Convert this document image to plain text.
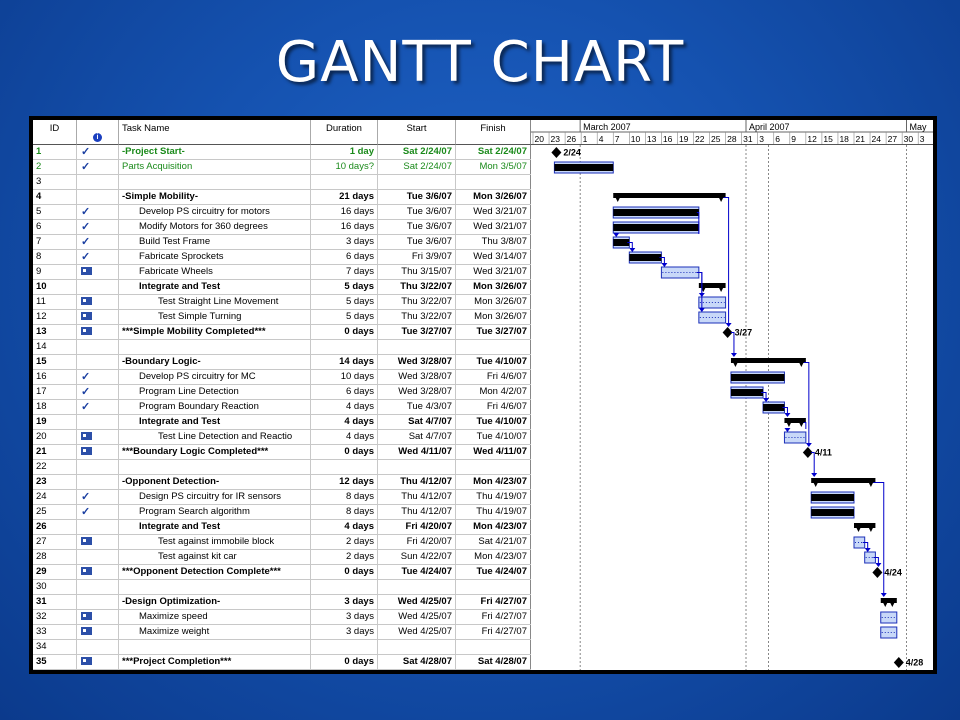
GANTT CHART
ID
i
Task Name	Duration	Start	Finish
1	✓	-Project Start-	1 day	Sat 2/24/07	Sat 2/24/07
2	✓	Parts Acquisition	10 days?	Sat 2/24/07	Mon 3/5/07
3
4	-Simple Mobility-	21 days	Tue 3/6/07	Mon 3/26/07
5	✓	Develop PS circuitry for motors	16 days	Tue 3/6/07	Wed 3/21/07
6	✓	Modify Motors for 360 degrees	16 days	Tue 3/6/07	Wed 3/21/07
7	✓	Build Test Frame	3 days	Tue 3/6/07	Thu 3/8/07
8	✓	Fabricate Sprockets	6 days	Fri 3/9/07	Wed 3/14/07
9	Fabricate Wheels	7 days	Thu 3/15/07	Wed 3/21/07
10	Integrate and Test	5 days	Thu 3/22/07	Mon 3/26/07
11	Test Straight Line Movement	5 days	Thu 3/22/07	Mon 3/26/07
12	Test Simple Turning	5 days	Thu 3/22/07	Mon 3/26/07
13	***Simple Mobility Completed***	0 days	Tue 3/27/07	Tue 3/27/07
14
15	-Boundary Logic-	14 days	Wed 3/28/07	Tue 4/10/07
16	✓	Develop PS circuitry for MC	10 days	Wed 3/28/07	Fri 4/6/07
17	✓	Program Line Detection	6 days	Wed 3/28/07	Mon 4/2/07
18	✓	Program Boundary Reaction	4 days	Tue 4/3/07	Fri 4/6/07
19	Integrate and Test	4 days	Sat 4/7/07	Tue 4/10/07
20	Test Line Detection and Reactio	4 days	Sat 4/7/07	Tue 4/10/07
21	***Boundary Logic Completed***	0 days	Wed 4/11/07	Wed 4/11/07
22
23	-Opponent Detection-	12 days	Thu 4/12/07	Mon 4/23/07
24	✓	Design PS circuitry for IR sensors	8 days	Thu 4/12/07	Thu 4/19/07
25	✓	Program Search algorithm	8 days	Thu 4/12/07	Thu 4/19/07
26	Integrate and Test	4 days	Fri 4/20/07	Mon 4/23/07
27	Test against immobile block	2 days	Fri 4/20/07	Sat 4/21/07
28	Test against kit car	2 days	Sun 4/22/07	Mon 4/23/07
29	***Opponent Detection Complete***	0 days	Tue 4/24/07	Tue 4/24/07
30
31	-Design Optimization-	3 days	Wed 4/25/07	Fri 4/27/07
32	Maximize speed	3 days	Wed 4/25/07	Fri 4/27/07
33	Maximize weight	3 days	Wed 4/25/07	Fri 4/27/07
34
35	***Project Completion***	0 days	Sat 4/28/07	Sat 4/28/07
March 2007	April 2007	May
20 23 26 1 4 7 10 13 16 19 22 25 28 31 3 6 9 12 15 18 21 24 27 30 3
2/24
3/27
4/11
4/24
4/28
